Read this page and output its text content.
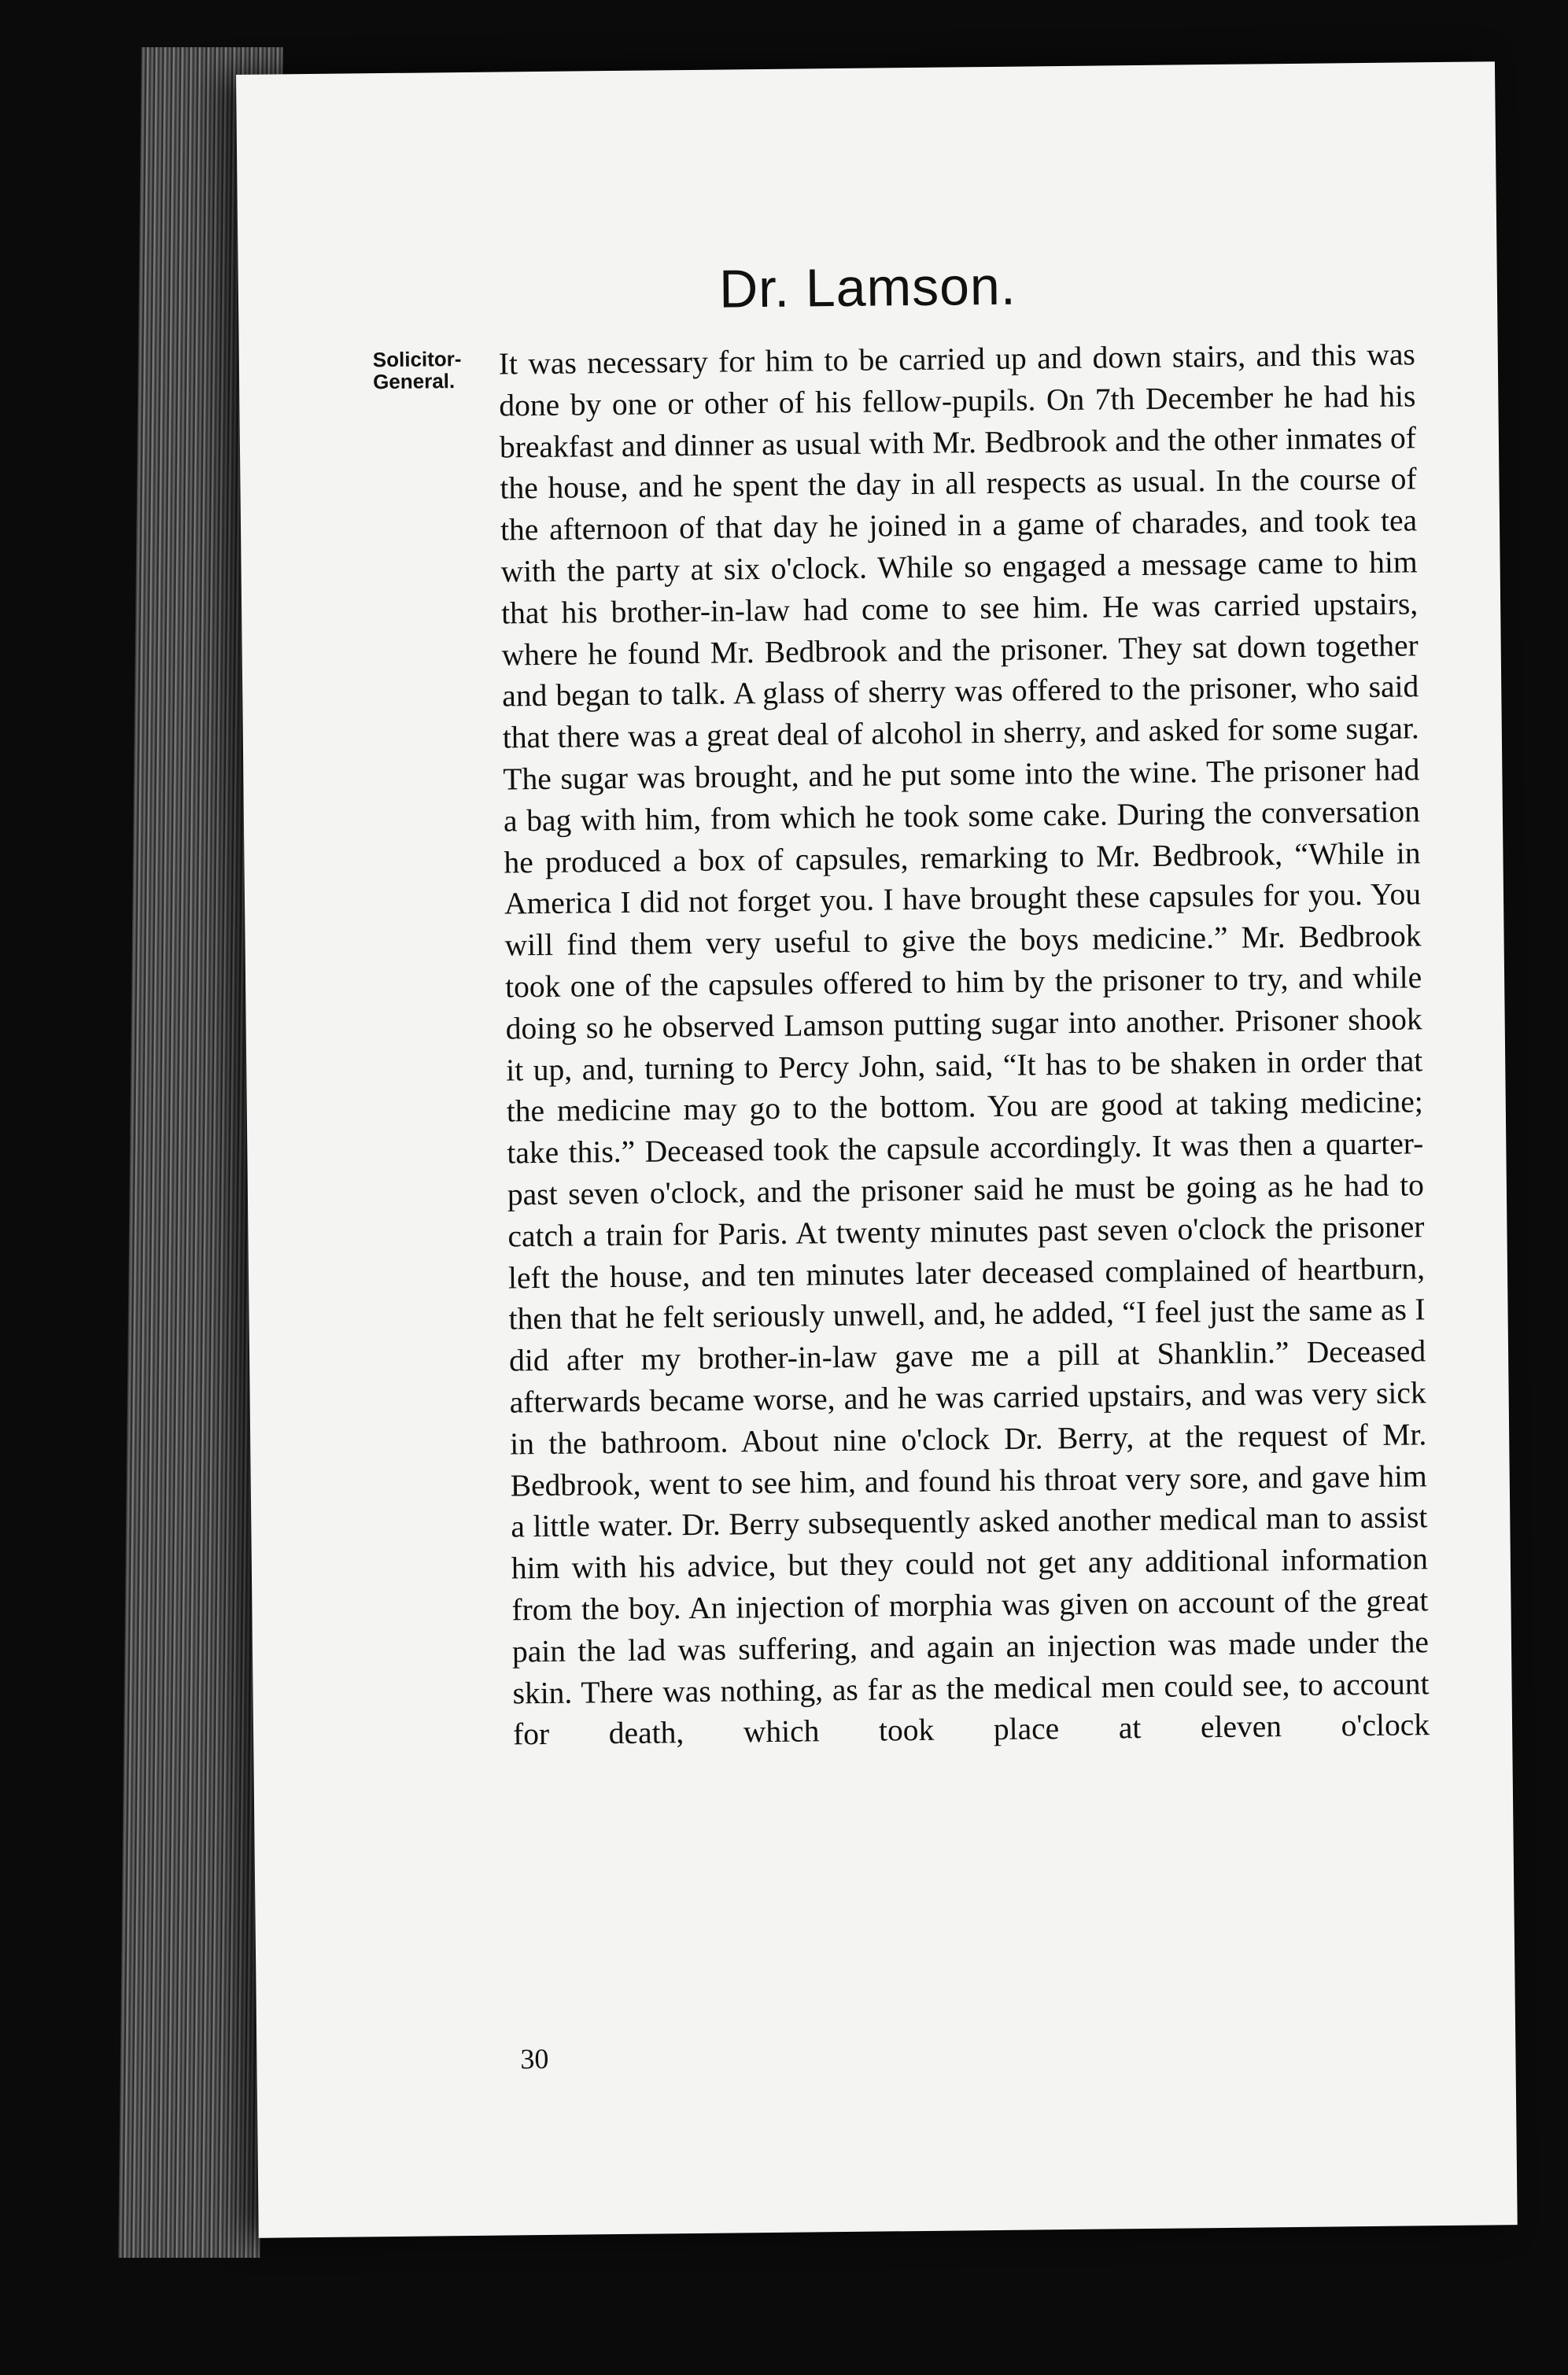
Dr. Lamson.
Solicitor-General.
It was necessary for him to be carried up and down stairs, and this was done by one or other of his fellow-pupils. On 7th December he had his breakfast and dinner as usual with Mr. Bedbrook and the other inmates of the house, and he spent the day in all respects as usual. In the course of the afternoon of that day he joined in a game of charades, and took tea with the party at six o'clock. While so engaged a message came to him that his brother-in-law had come to see him. He was carried upstairs, where he found Mr. Bedbrook and the prisoner. They sat down together and began to talk. A glass of sherry was offered to the prisoner, who said that there was a great deal of alcohol in sherry, and asked for some sugar. The sugar was brought, and he put some into the wine. The prisoner had a bag with him, from which he took some cake. During the conversation he produced a box of capsules, remarking to Mr. Bedbrook, “While in America I did not forget you. I have brought these capsules for you. You will find them very useful to give the boys medicine.” Mr. Bedbrook took one of the capsules offered to him by the prisoner to try, and while doing so he observed Lamson putting sugar into another. Prisoner shook it up, and, turning to Percy John, said, “It has to be shaken in order that the medicine may go to the bottom. You are good at taking medicine; take this.” Deceased took the capsule accordingly. It was then a quarter-past seven o'clock, and the prisoner said he must be going as he had to catch a train for Paris. At twenty minutes past seven o'clock the prisoner left the house, and ten minutes later deceased complained of heartburn, then that he felt seriously unwell, and, he added, “I feel just the same as I did after my brother-in-law gave me a pill at Shanklin.” Deceased afterwards became worse, and he was carried upstairs, and was very sick in the bathroom. About nine o'clock Dr. Berry, at the request of Mr. Bedbrook, went to see him, and found his throat very sore, and gave him a little water. Dr. Berry subsequently asked another medical man to assist him with his advice, but they could not get any additional information from the boy. An injection of morphia was given on account of the great pain the lad was suffering, and again an injection was made under the skin. There was nothing, as far as the medical men could see, to account for death, which took place at eleven o'clock
30
